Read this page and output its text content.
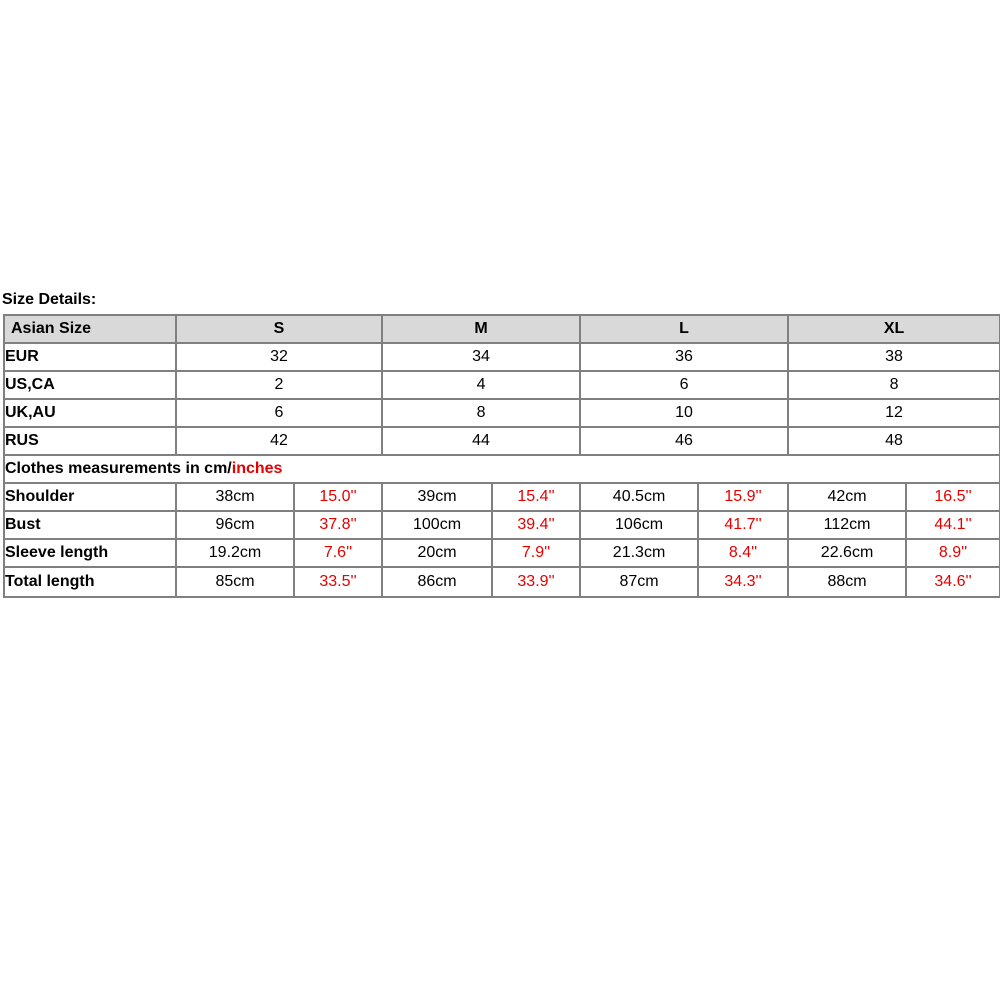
Size Details:
Asian Size	S		M		L		XL	
EUR	32		34		36		38	
US,CA	2		4		6		8	
UK,AU	6		8		10		12	
RUS	42		44		46		48	
Clothes measurements in cm/inches								
Shoulder	38cm	15.0''	39cm	15.4''	40.5cm	15.9''	42cm	16.5''
Bust	96cm	37.8''	100cm	39.4''	106cm	41.7''	112cm	44.1''
Sleeve length	19.2cm	7.6''	20cm	7.9''	21.3cm	8.4''	22.6cm	8.9''
Total length	85cm	33.5''	86cm	33.9''	87cm	34.3''	88cm	34.6''
